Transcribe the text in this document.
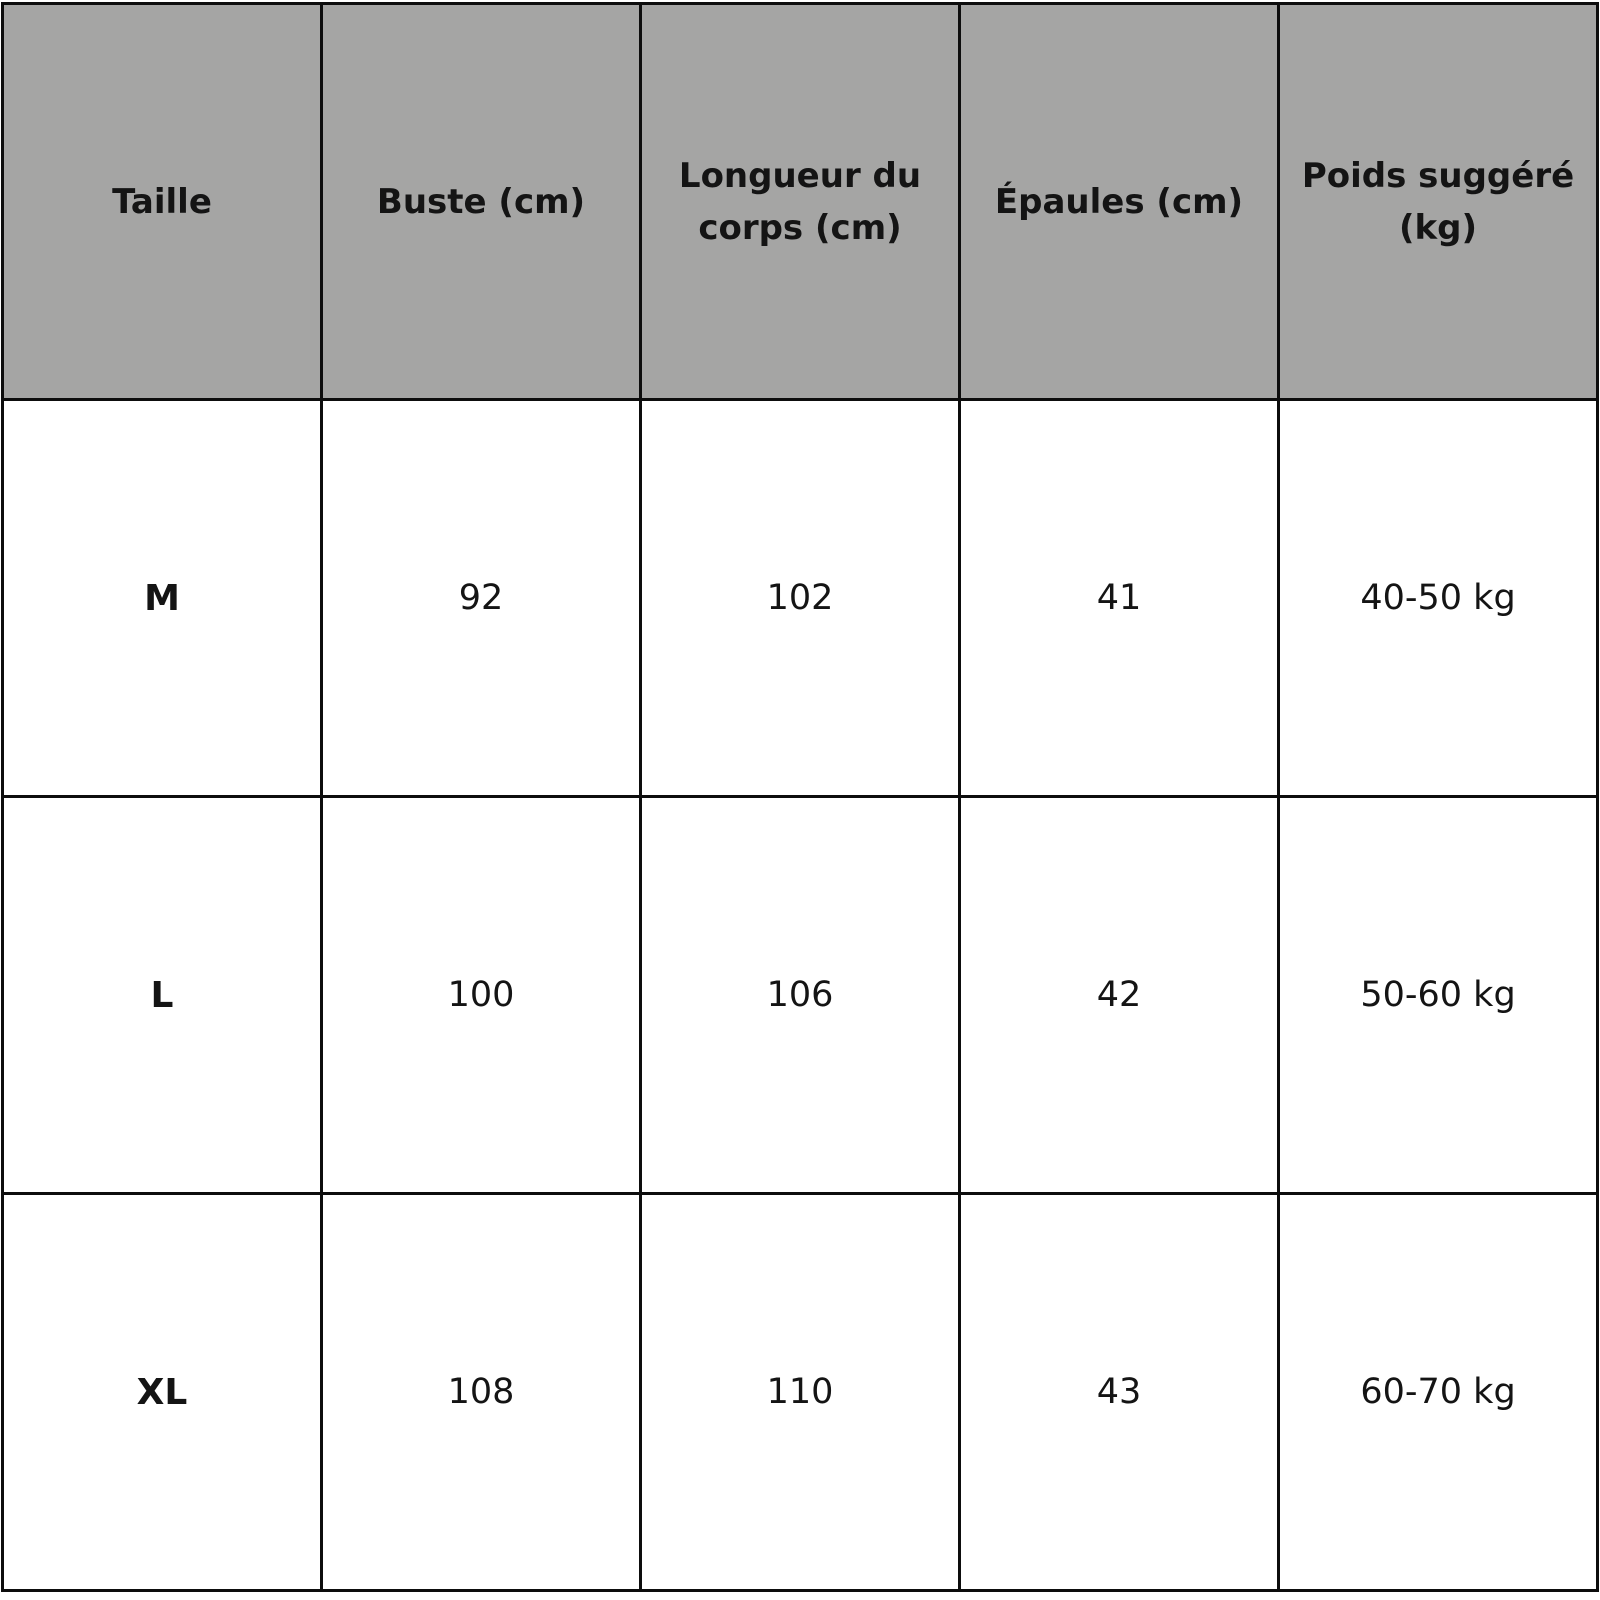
Taille	Buste (cm)	Longueur du corps (cm)	Épaules (cm)	Poids suggéré (kg)
M	92	102	41	40-50 kg
L	100	106	42	50-60 kg
XL	108	110	43	60-70 kg
